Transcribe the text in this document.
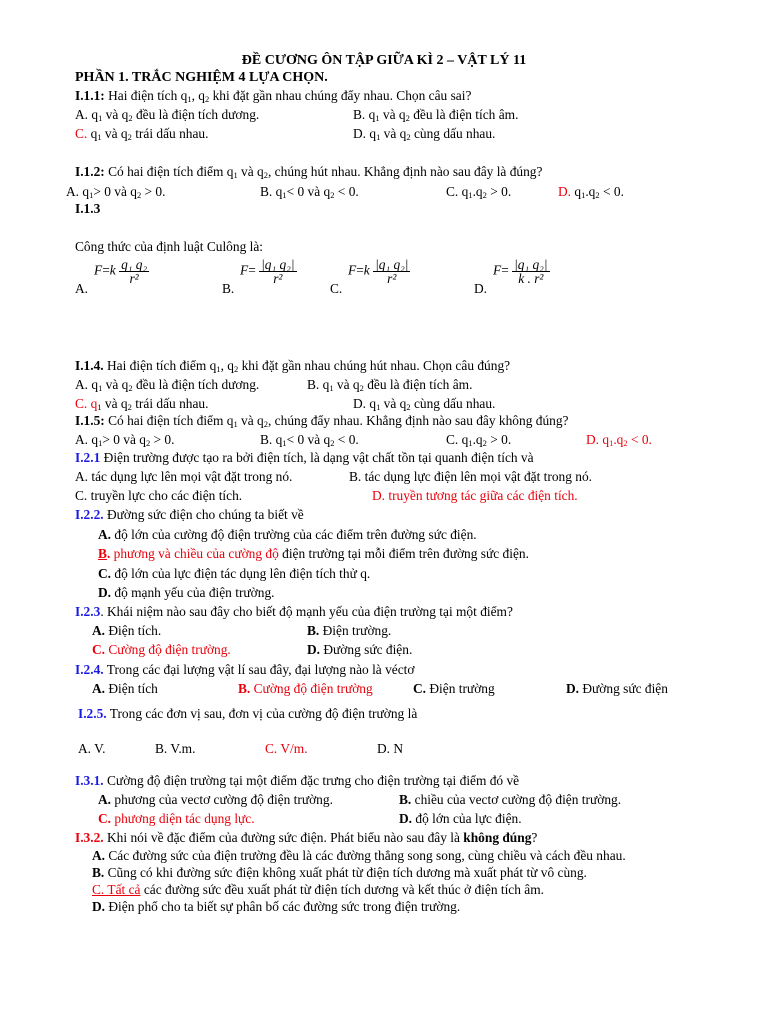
ĐỀ CƯƠNG ÔN TẬP GIỮA KÌ 2 – VẬT LÝ 11
PHẦN 1. TRẮC NGHIỆM 4 LỰA CHỌN.
I.1.1: Hai điện tích $q_1$, $q_2$ khi đặt gần nhau chúng đẩy nhau. Chọn câu sai?
A. $q_1$ và $q_2$ đều là điện tích dương.	B. $q_1$ và $q_2$ đều là điện tích âm.
C. $q_1$ và $q_2$ trái dấu nhau.	D. $q_1$ và $q_2$ cùng dấu nhau.
I.1.2: Có hai điện tích điểm $q_1$ và $q_2$, chúng hút nhau. Khẳng định nào sau đây là đúng?
A. $q_1> 0$ và $q_2 > 0$.	B. $q_1< 0$ và $q_2 < 0$.	C. $q_1.q_2 > 0$.	D. $q_1.q_2 < 0$.
I.1.3
Công thức của định luật Culông là:
A.
$F=k \frac{\text{q₁ q₂}}{\text{r²}}$
B.
$F= \frac{\text{|q₁ q₂|}}{\text{r²}}$
C.
$F=k \frac{\text{|q₁ q₂|}}{\text{r²}}$
D.
$F= \frac{\text{|q₁ q₂|}}{\text{k . r²}}$
I.1.4. Hai điện tích điểm $q_1$, $q_2$ khi đặt gần nhau chúng hút nhau. Chọn câu đúng?
A. $q_1$ và $q_2$ đều là điện tích dương.	B. $q_1$ và $q_2$ đều là điện tích âm.
C. $q_1$ và $q_2$ trái dấu nhau.	D. $q_1$ và $q_2$ cùng dấu nhau.
I.1.5: Có hai điện tích điểm $q_1$ và $q_2$, chúng đẩy nhau. Khẳng định nào sau đây không đúng?
A. $q_1> 0$ và $q_2 > 0$.	B. $q_1< 0$ và $q_2 < 0$.	C. $q_1.q_2 > 0$.	D. $q_1.q_2 < 0$.
I.2.1 Điện trường được tạo ra bởi điện tích, là dạng vật chất tồn tại quanh điện tích và
A. tác dụng lực lên mọi vật đặt trong nó.	B. tác dụng lực điện lên mọi vật đặt trong nó.
C. truyền lực cho các điện tích.	D. truyền tương tác giữa các điện tích.
I.2.2. Đường sức điện cho chúng ta biết về
A. độ lớn của cường độ điện trường của các điểm trên đường sức điện.
B. phương và chiều của cường độ điện trường tại mỗi điểm trên đường sức điện.
C. độ lớn của lực điện tác dụng lên điện tích thử q.
D. độ mạnh yếu của điện trường.
I.2.3. Khái niệm nào sau đây cho biết độ mạnh yếu của điện trường tại một điểm?
A. Điện tích.	B. Điện trường.
C. Cường độ điện trường.	D. Đường sức điện.
I.2.4. Trong các đại lượng vật lí sau đây, đại lượng nào là véctơ
A. Điện tích	B. Cường độ điện trường	C. Điện trường	D. Đường sức điện
I.2.5. Trong các đơn vị sau, đơn vị của cường độ điện trường là
A. V.	B. V.m.	C. V/m.	D. N
I.3.1. Cường độ điện trường tại một điểm đặc trưng cho điện trường tại điểm đó về
A. phương của vectơ cường độ điện trường.	B. chiều của vectơ cường độ điện trường.
C. phương diện tác dụng lực.	D. độ lớn của lực điện.
I.3.2. Khi nói về đặc điểm của đường sức điện. Phát biểu nào sau đây là không đúng?
A. Các đường sức của điện trường đều là các đường thẳng song song, cùng chiều và cách đều nhau.
B. Cũng có khi đường sức điện không xuất phát từ điện tích dương mà xuất phát từ vô cùng.
C. Tất cả các đường sức đều xuất phát từ điện tích dương và kết thúc ở điện tích âm.
D. Điện phổ cho ta biết sự phân bố các đường sức trong điện trường.
